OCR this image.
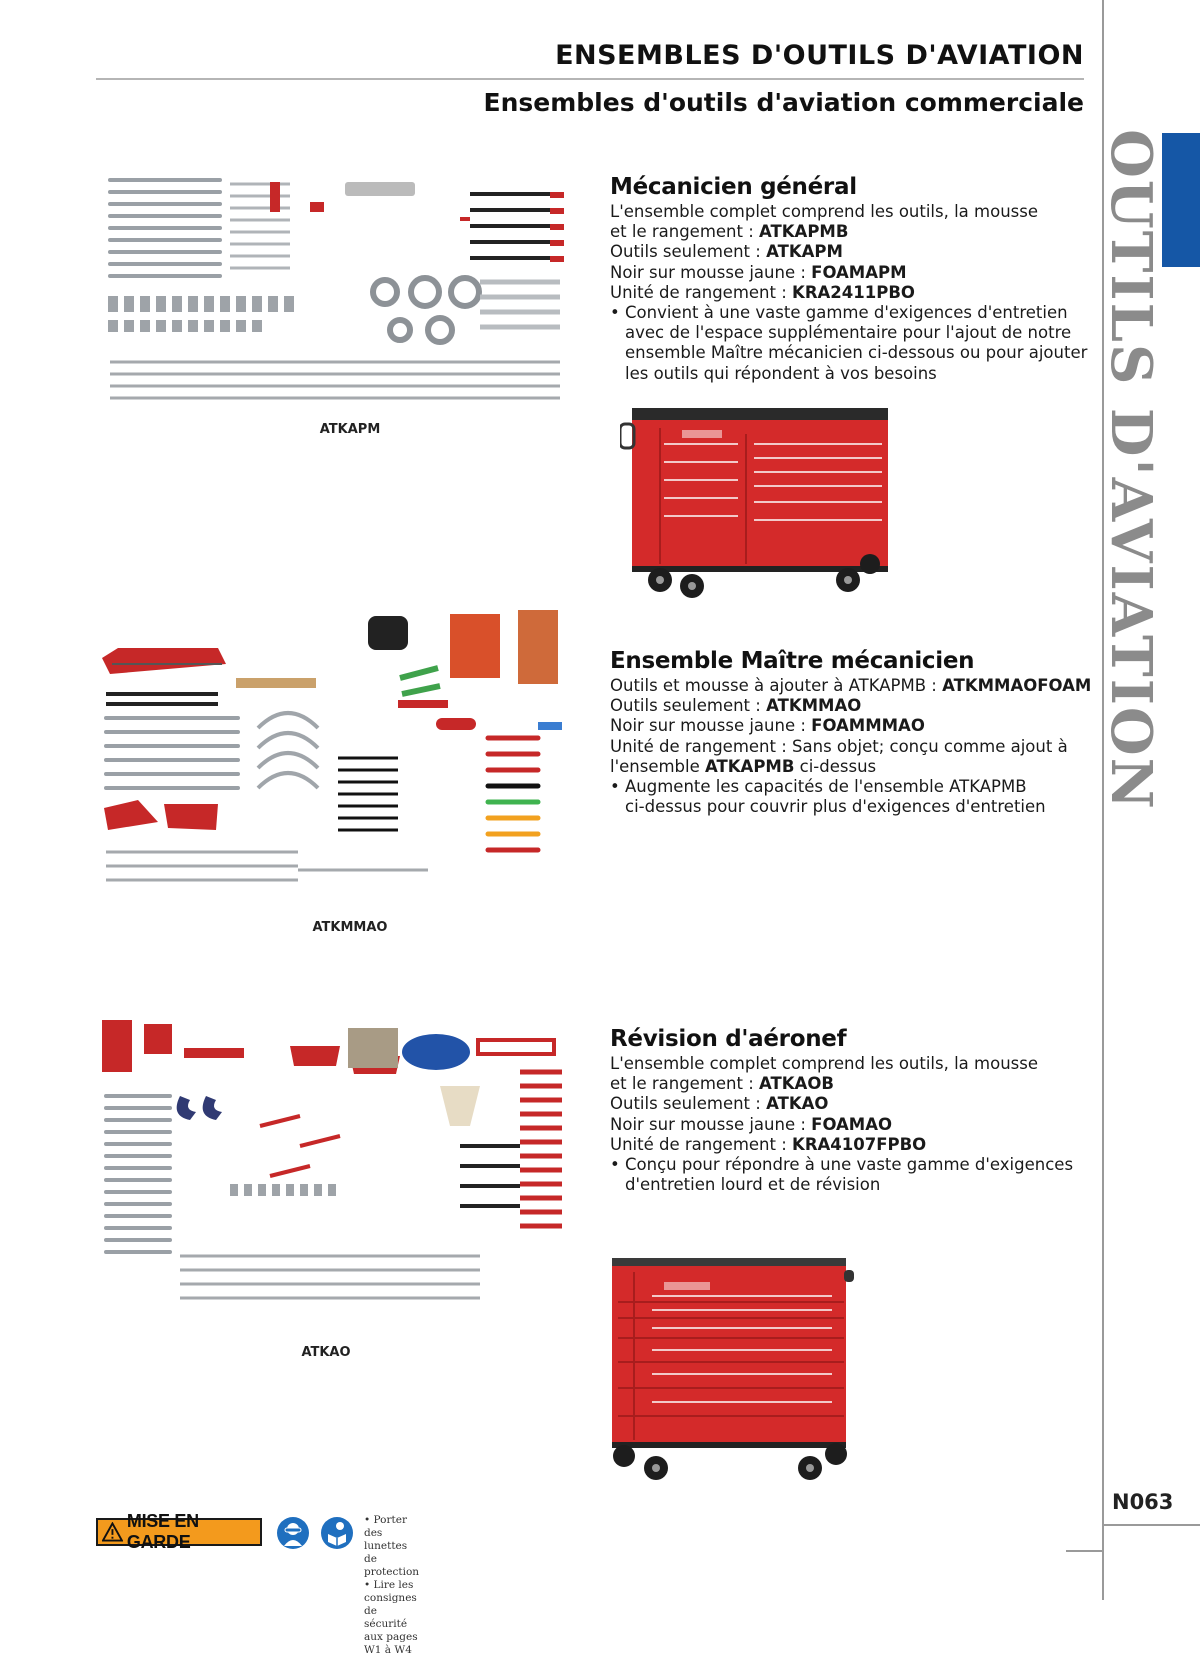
ENSEMBLES D'OUTILS D'AVIATION
Ensembles d'outils d'aviation commerciale
OUTILS D'AVIATION
ATKAPM
Mécanicien général
L'ensemble complet comprend les outils, la mousse
et le rangement : ATKAPMB
Outils seulement : ATKAPM
Noir sur mousse jaune : FOAMAPM
Unité de rangement : KRA2411PBO
• Convient à une vaste gamme d'exigences d'entretien
avec de l'espace supplémentaire pour l'ajout de notre
ensemble Maître mécanicien ci-dessous ou pour ajouter
les outils qui répondent à vos besoins
ATKMMAO
Ensemble Maître mécanicien
Outils et mousse à ajouter à ATKAPMB : ATKMMAOFOAM
Outils seulement : ATKMMAO
Noir sur mousse jaune : FOAMMMAO
Unité de rangement : Sans objet; conçu comme ajout à
l'ensemble ATKAPMB ci-dessus
• Augmente les capacités de l'ensemble ATKAPMB
ci-dessus pour couvrir plus d'exigences d'entretien
ATKAO
Révision d'aéronef
L'ensemble complet comprend les outils, la mousse
et le rangement : ATKAOB
Outils seulement : ATKAO
Noir sur mousse jaune : FOAMAO
Unité de rangement : KRA4107FPBO
• Conçu pour répondre à une vaste gamme d'exigences
d'entretien lourd et de révision
N063
MISE EN GARDE
• Porter des lunettes de protection
• Lire les consignes de sécurité aux pages W1 à W4
